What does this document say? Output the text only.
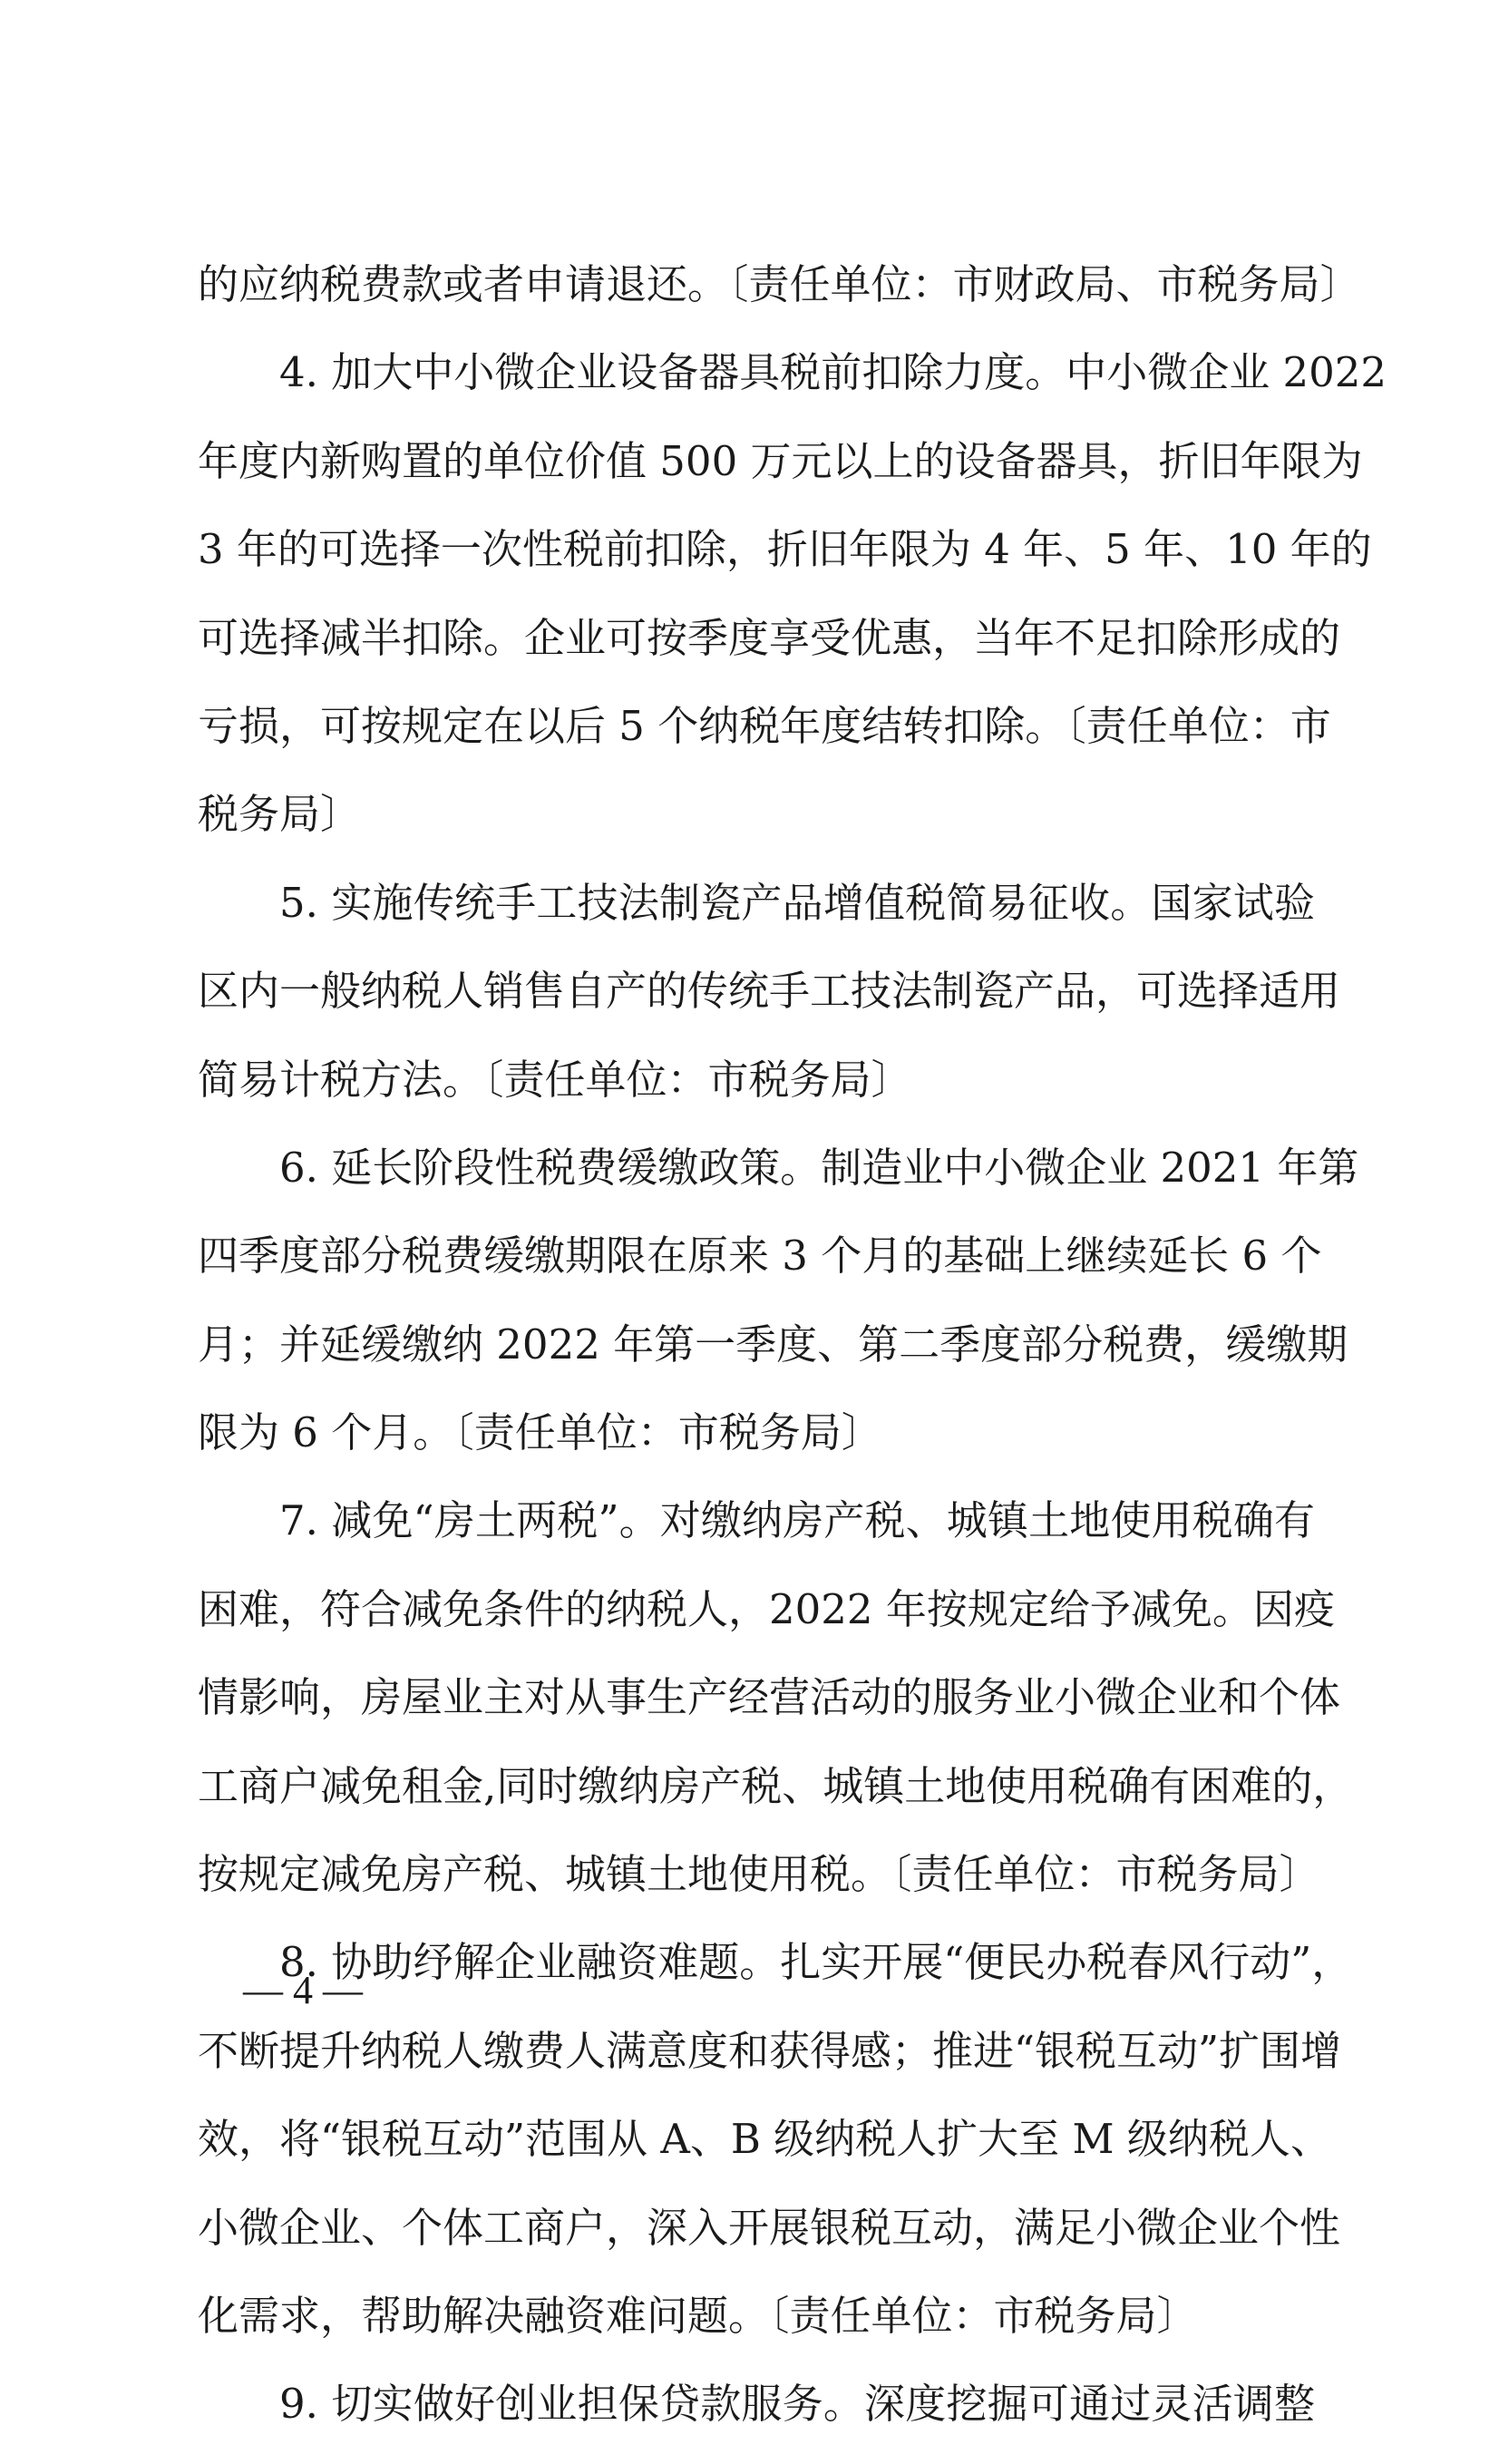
的应纳税费款或者申请退还。〔责任单位：市财政局、市税务局〕
4. 加大中小微企业设备器具税前扣除力度。中小微企业 2022
年度内新购置的单位价值 500 万元以上的设备器具，折旧年限为
3 年的可选择一次性税前扣除，折旧年限为 4 年、5 年、10 年的
可选择减半扣除。企业可按季度享受优惠，当年不足扣除形成的
亏损，可按规定在以后 5 个纳税年度结转扣除。〔责任单位：市
税务局〕
5. 实施传统手工技法制瓷产品增值税简易征收。国家试验
区内一般纳税人销售自产的传统手工技法制瓷产品，可选择适用
简易计税方法。〔责任单位：市税务局〕
6. 延长阶段性税费缓缴政策。制造业中小微企业 2021 年第
四季度部分税费缓缴期限在原来 3 个月的基础上继续延长 6 个
月；并延缓缴纳 2022 年第一季度、第二季度部分税费，缓缴期
限为 6 个月。〔责任单位：市税务局〕
7. 减免“房土两税”。对缴纳房产税、城镇土地使用税确有
困难，符合减免条件的纳税人，2022 年按规定给予减免。因疫
情影响，房屋业主对从事生产经营活动的服务业小微企业和个体
工商户减免租金,同时缴纳房产税、城镇土地使用税确有困难的，
按规定减免房产税、城镇土地使用税。〔责任单位：市税务局〕
8. 协助纾解企业融资难题。扎实开展“便民办税春风行动”，
不断提升纳税人缴费人满意度和获得感；推进“银税互动”扩围增
效，将“银税互动”范围从 A、B 级纳税人扩大至 M 级纳税人、
小微企业、个体工商户，深入开展银税互动，满足小微企业个性
化需求，帮助解决融资难问题。〔责任单位：市税务局〕
9. 切实做好创业担保贷款服务。深度挖掘可通过灵活调整
— 4 —
